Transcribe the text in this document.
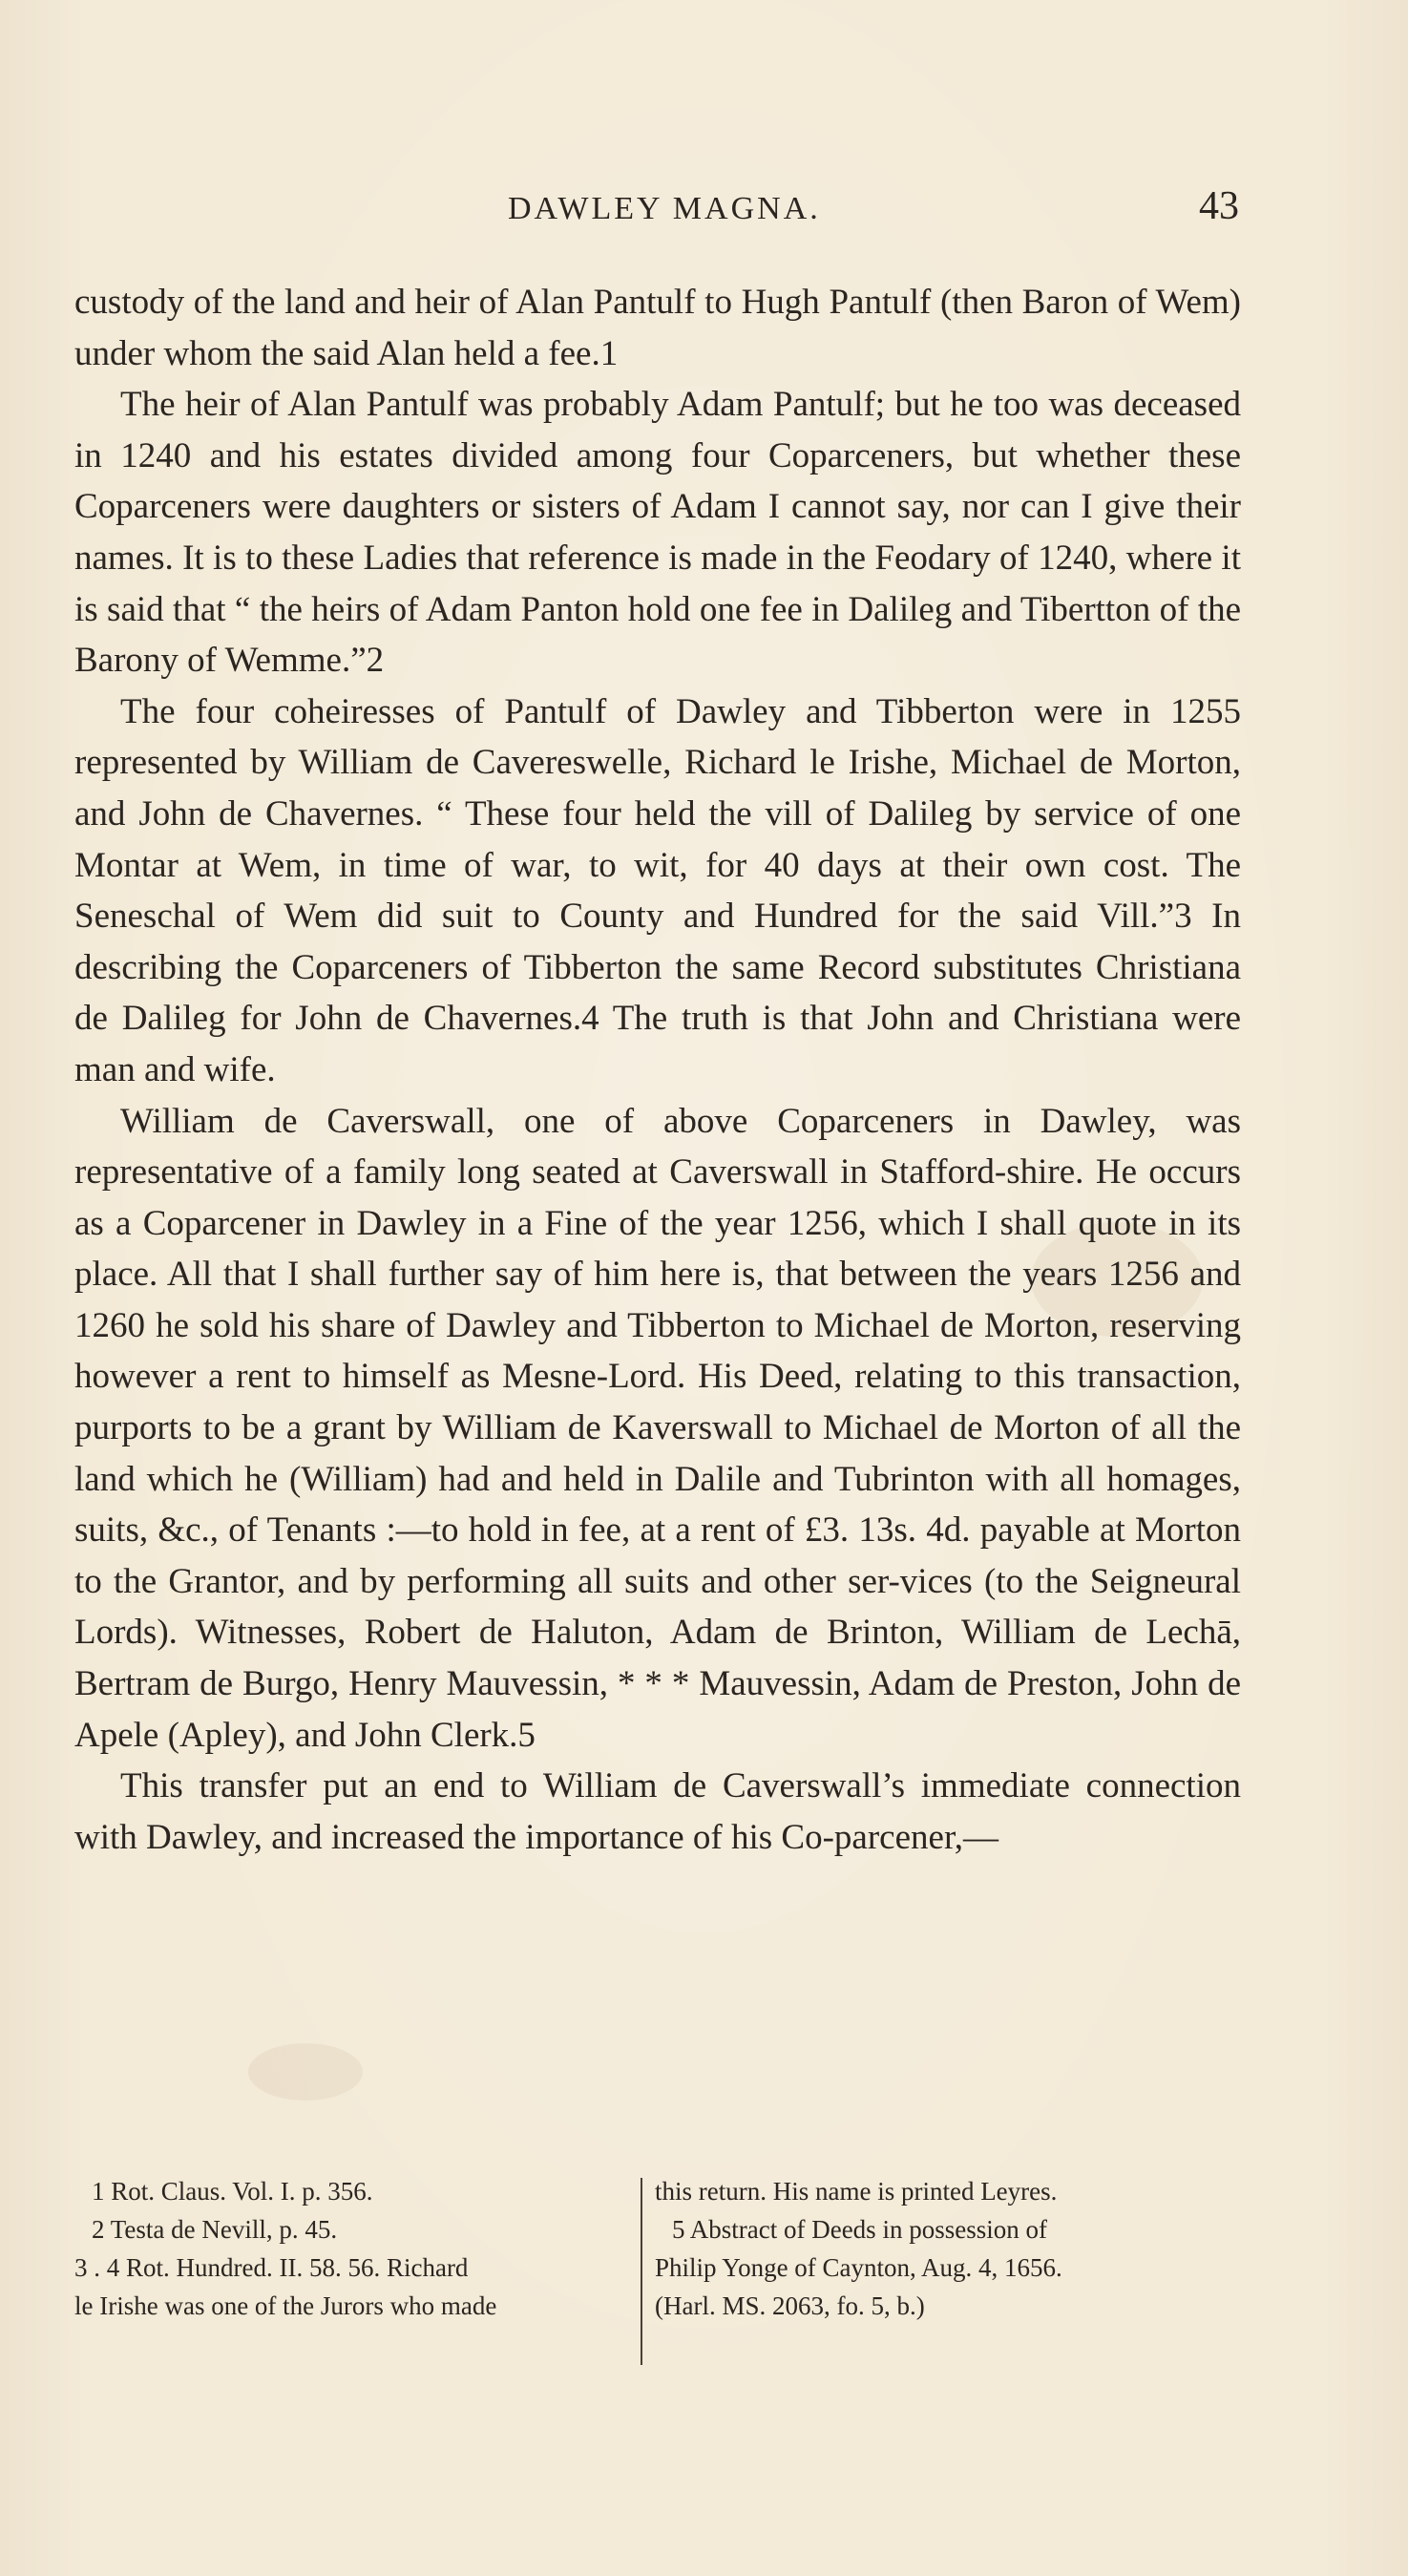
DAWLEY MAGNA.	43

custody of the land and heir of Alan Pantulf to Hugh Pantulf (then Baron of Wem) under whom the said Alan held a fee.1

The heir of Alan Pantulf was probably Adam Pantulf; but he too was deceased in 1240 and his estates divided among four Coparceners, but whether these Coparceners were daughters or sisters of Adam I cannot say, nor can I give their names. It is to these Ladies that reference is made in the Feodary of 1240, where it is said that “ the heirs of Adam Panton hold one fee in Dalileg and Tibertton of the Barony of Wemme.”2

The four coheiresses of Pantulf of Dawley and Tibberton were in 1255 represented by William de Cavereswelle, Richard le Irishe, Michael de Morton, and John de Chavernes. “ These four held the vill of Dalileg by service of one Montar at Wem, in time of war, to wit, for 40 days at their own cost. The Seneschal of Wem did suit to County and Hundred for the said Vill.”3 In describing the Coparceners of Tibberton the same Record substitutes Christiana de Dalileg for John de Chavernes.4 The truth is that John and Christiana were man and wife.

William de Caverswall, one of above Coparceners in Dawley, was representative of a family long seated at Caverswall in Stafford-shire. He occurs as a Coparcener in Dawley in a Fine of the year 1256, which I shall quote in its place. All that I shall further say of him here is, that between the years 1256 and 1260 he sold his share of Dawley and Tibberton to Michael de Morton, reserving however a rent to himself as Mesne-Lord. His Deed, relating to this transaction, purports to be a grant by William de Kaverswall to Michael de Morton of all the land which he (William) had and held in Dalile and Tubrinton with all homages, suits, &c., of Tenants :—to hold in fee, at a rent of £3. 13s. 4d. payable at Morton to the Grantor, and by performing all suits and other ser-vices (to the Seigneural Lords). Witnesses, Robert de Haluton, Adam de Brinton, William de Lechā, Bertram de Burgo, Henry Mauvessin, * * * Mauvessin, Adam de Preston, John de Apele (Apley), and John Clerk.5

This transfer put an end to William de Caverswall’s immediate connection with Dawley, and increased the importance of his Co-parcener,—

1 Rot. Claus. Vol. I. p. 356.
2 Testa de Nevill, p. 45.
3 . 4 Rot. Hundred. II. 58. 56. Richard
le Irishe was one of the Jurors who made
this return. His name is printed Leyres.
5 Abstract of Deeds in possession of
Philip Yonge of Caynton, Aug. 4, 1656.
(Harl. MS. 2063, fo. 5, b.)
